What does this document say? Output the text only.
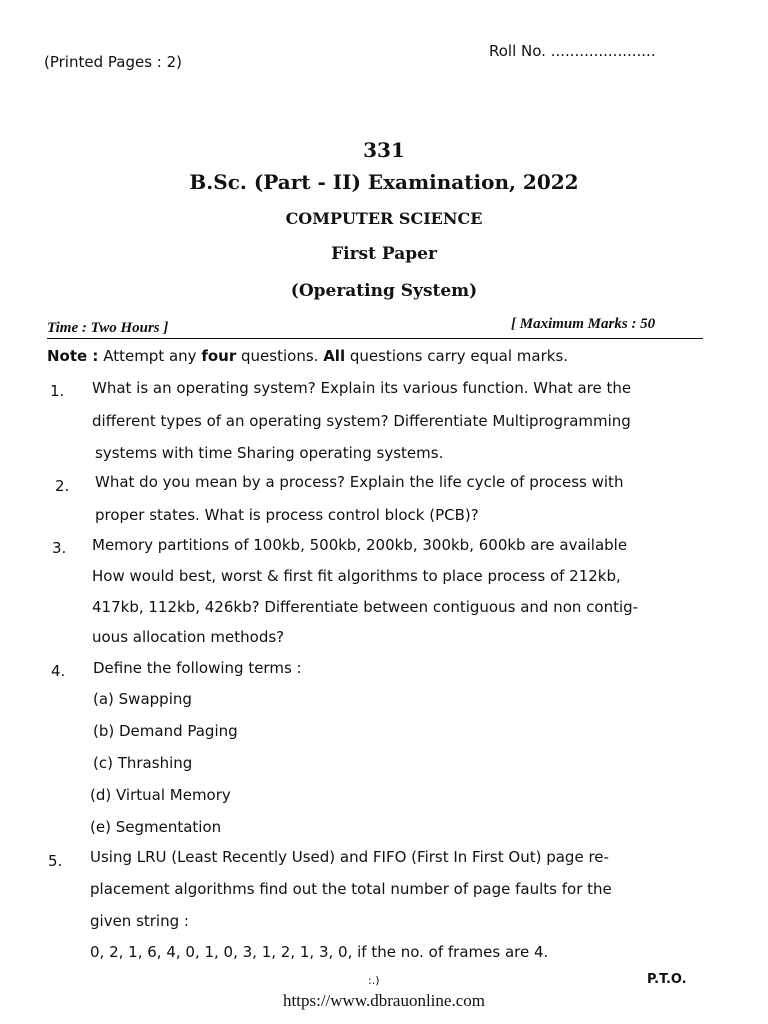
(Printed Pages : 2)
Roll No. ......................
331
B.Sc. (Part - II) Examination, 2022
COMPUTER SCIENCE
First Paper
(Operating System)
Time : Two Hours ]	[ Maximum Marks : 50
Note : Attempt any four questions. All questions carry equal marks.
1. What is an operating system? Explain its various function. What are the
different types of an operating system? Differentiate Multiprogramming
systems with time Sharing operating systems.
2. What do you mean by a process? Explain the life cycle of process with
proper states. What is process control block (PCB)?
3. Memory partitions of 100kb, 500kb, 200kb, 300kb, 600kb are available
How would best, worst & first fit algorithms to place process of 212kb,
417kb, 112kb, 426kb? Differentiate between contiguous and non contig-
uous allocation methods?
4. Define the following terms :
(a) Swapping
(b) Demand Paging
(c) Thrashing
(d) Virtual Memory
(e) Segmentation
5. Using LRU (Least Recently Used) and FIFO (First In First Out) page re-
placement algorithms find out the total number of page faults for the
given string :
0, 2, 1, 6, 4, 0, 1, 0, 3, 1, 2, 1, 3, 0, if the no. of frames are 4.
:.)	P.T.O.
https://www.dbrauonline.com
